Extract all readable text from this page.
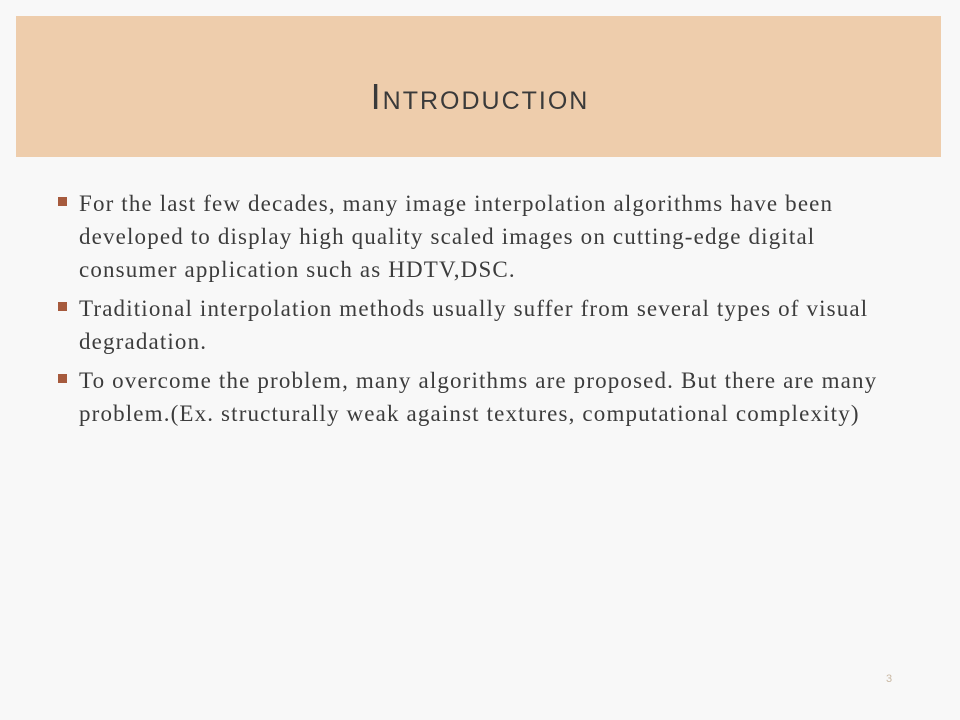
Introduction
For the last few decades, many image interpolation algorithms have been developed to display high quality scaled images on cutting-edge digital consumer application such as HDTV,DSC.
Traditional interpolation methods usually suffer from several types of visual degradation.
To overcome the problem, many algorithms are proposed. But there are many problem.(Ex. structurally weak against textures, computational complexity)
3
